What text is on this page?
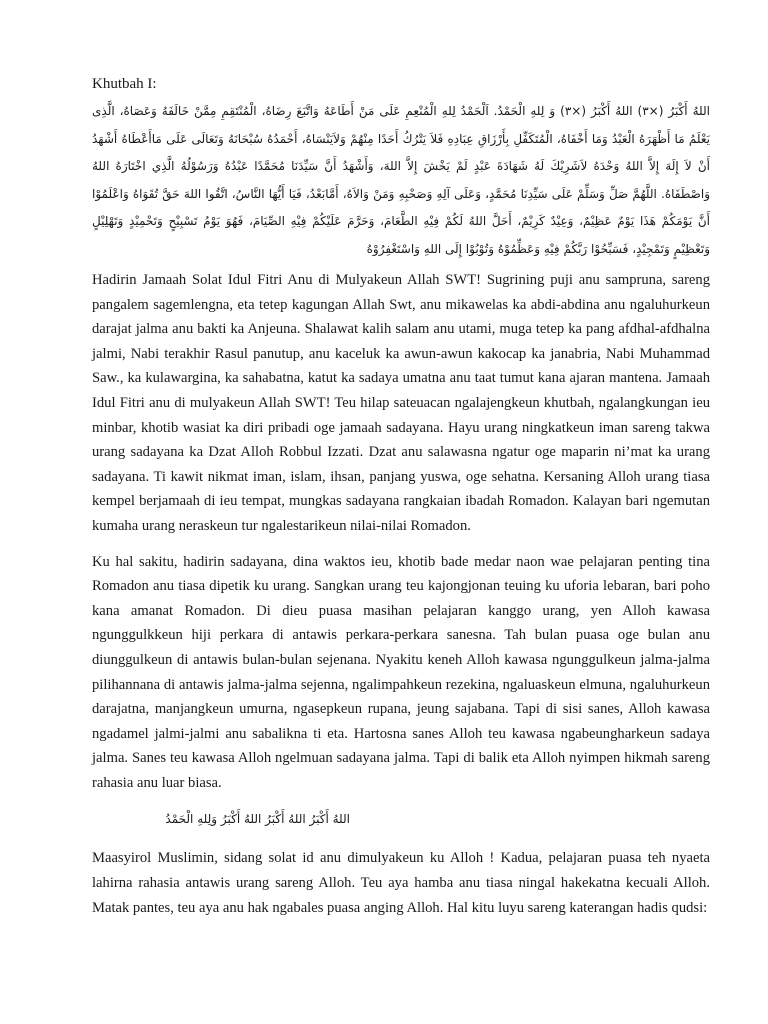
Khutbah I:

اللهُ أَكْبَرُ (×٣) اللهُ أَكْبَرُ (×٣) وَ لِلهِ الْحَمْدُ. اَلْحَمْدُ لِلهِ الْمُنْعِمِ عَلَى مَنْ أَطَاعَهُ وَاتَّبَعَ رِضَاهُ، الْمُنْتَقِمِ مِمَّنْ خَالَفَهُ وَعَصَاهُ، الَّذِى يَعْلَمُ مَا أَظْهَرَهُ الْعَبْدُ وَمَا أَخْفَاهُ، الْمُتَكَفِّلِ بِأَرْزَاقِ عِبَادِهِ فَلاَ يَتْرُكُ أَحَدًا مِنْهُمْ وَلاَيَنْسَاهُ، أَحْمَدُهُ سُبْحَانَهُ وَتَعَالَى عَلَى مَاأَعْطَاهُ أَشْهَدُ أَنْ لاَ إِلَهَ إِلاَّ اللهُ وَحْدَهُ لاَشَرِيْكَ لَهُ شَهَادَةَ عَبْدٍ لَمْ يَخْشَ إِلاَّ اللهَ، وَأَشْهَدُ أَنَّ سَيِّدَنَا مُحَمَّدًا عَبْدُهُ وَرَسُوْلُهُ الَّذِي اخْتَارَهُ اللهُ وَاصْطَفَاهُ. اللَّهُمَّ صَلِّ وَسَلِّمْ عَلَى سَيِّدِنَا مُحَمَّدٍ، وَعَلَى آلِهِ وَصَحْبِهِ وَمَنْ وَالاَهُ، أَمَّابَعْدُ، فَيَا أَيُّهَا النَّاسُ، اتَّقُوا اللهَ حَقَّ تُقَوَاهُ وَاعْلَمُوْا أَنَّ يَوْمَكُمْ هَذَا يَوْمٌ عَظِيْمٌ، وَعِيْدٌ كَرِيْمٌ، أَحَلَّ اللهُ لَكُمْ فِيْهِ الطَّعَامَ، وَحَرَّمَ عَلَيْكُمْ فِيْهِ الصِّيَامَ، فَهُوَ يَوْمُ تَسْبِيْحٍ وَتَحْمِيْدٍ وَتَهْلِيْلٍ وَتَعْظِيْمٍ وَتَمْجِيْدٍ، فَسَبِّحُوْا رَبَّكُمْ فِيْهِ وَعَظِّمُوْهُ وَتُوْبُوْا إِلَى اللهِ وَاسْتَغْفِرُوْهُ

Hadirin Jamaah Solat Idul Fitri Anu di Mulyakeun Allah SWT! Sugrining puji anu sampruna, sareng pangalem sagemlengna, eta tetep kagungan Allah Swt, anu mikawelas ka abdi-abdina anu ngaluhurkeun darajat jalma anu bakti ka Anjeuna. Shalawat kalih salam anu utami, muga tetep ka pang afdhal-afdhalna jalmi, Nabi terakhir Rasul panutup, anu kaceluk ka awun-awun kakocap ka janabria, Nabi Muhammad Saw., ka kulawargina, ka sahabatna, katut ka sadaya umatna anu taat tumut kana ajaran mantena. Jamaah Idul Fitri anu di mulyakeun Allah SWT! Teu hilap sateuacan ngalajengkeun khutbah, ngalangkungan ieu minbar, khotib wasiat ka diri pribadi oge jamaah sadayana. Hayu urang ningkatkeun iman sareng takwa urang sadayana ka Dzat Alloh Robbul Izzati. Dzat anu salawasna ngatur oge maparin ni’mat ka urang sadayana. Ti kawit nikmat iman, islam, ihsan, panjang yuswa, oge sehatna. Kersaning Alloh urang tiasa kempel berjamaah di ieu tempat, mungkas sadayana rangkaian ibadah Romadon. Kalayan bari ngemutan kumaha urang neraskeun tur ngalestarikeun nilai-nilai Romadon.

Ku hal sakitu, hadirin sadayana, dina waktos ieu, khotib bade medar naon wae pelajaran penting tina Romadon anu tiasa dipetik ku urang. Sangkan urang teu kajongjonan teuing ku uforia lebaran, bari poho kana amanat Romadon. Di dieu puasa masihan pelajaran kanggo urang, yen Alloh kawasa ngunggulkkeun hiji perkara di antawis perkara-perkara sanesna. Tah bulan puasa oge bulan anu diunggulkeun di antawis bulan-bulan sejenana. Nyakitu keneh Alloh kawasa ngunggulkeun jalma-jalma pilihannana di antawis jalma-jalma sejenna, ngalimpahkeun rezekina, ngaluaskeun elmuna, ngaluhurkeun darajatna, manjangkeun umurna, ngasepkeun rupana, jeung sajabana. Tapi di sisi sanes, Alloh kawasa ngadamel jalmi-jalmi anu sabalikna ti eta. Hartosna sanes Alloh teu kawasa ngabeungharkeun sadaya jalma. Sanes teu kawasa Alloh ngelmuan sadayana jalma. Tapi di balik eta Alloh nyimpen hikmah sareng rahasia anu luar biasa.

اللهُ أَكْبَرُ اللهُ أَكْبَرُ اللهُ أَكْبَرُ وَلِلهِ الْحَمْدُ

Maasyirol Muslimin, sidang solat id anu dimulyakeun ku Alloh ! Kadua, pelajaran puasa teh nyaeta lahirna rahasia antawis urang sareng Alloh. Teu aya hamba anu tiasa ningal hakekatna kecuali Alloh. Matak pantes, teu aya anu hak ngabales puasa anging Alloh. Hal kitu luyu sareng katerangan hadis qudsi:
